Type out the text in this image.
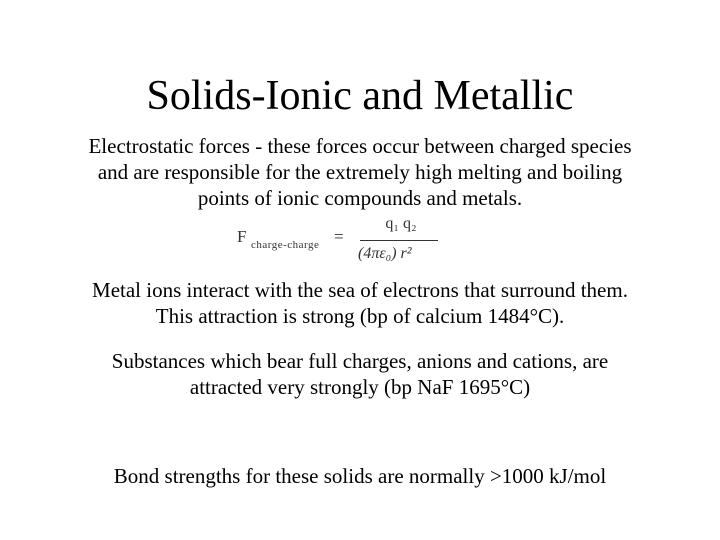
Solids-Ionic and Metallic
Electrostatic forces - these forces occur between charged species
and are responsible for the extremely high melting and boiling
points of ionic compounds and metals.
F charge-charge =
q₁ q₂
(4πε₀) r²
Metal ions interact with the sea of electrons that surround them.
This attraction is strong (bp of calcium 1484°C).
Substances which bear full charges, anions and cations, are
attracted very strongly (bp NaF 1695°C)
Bond strengths for these solids are normally >1000 kJ/mol
